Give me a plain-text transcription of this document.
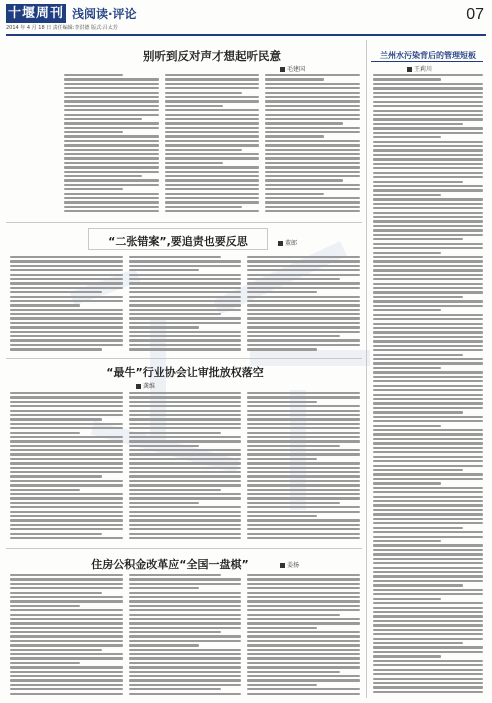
十堰周刊 浅阅读·评论
2014 年 4 月 18 日 责任编辑:李洪德 版式:吕太芳
07
别听到反对声才想起听民意
毛建国
“二张错案”,要追责也要反思	董郎
“最牛”行业协会让审批放权落空
龚维
住房公积金改革应“全国一盘棋”	姜扬
兰州水污染背后的管理短板
王莉川
